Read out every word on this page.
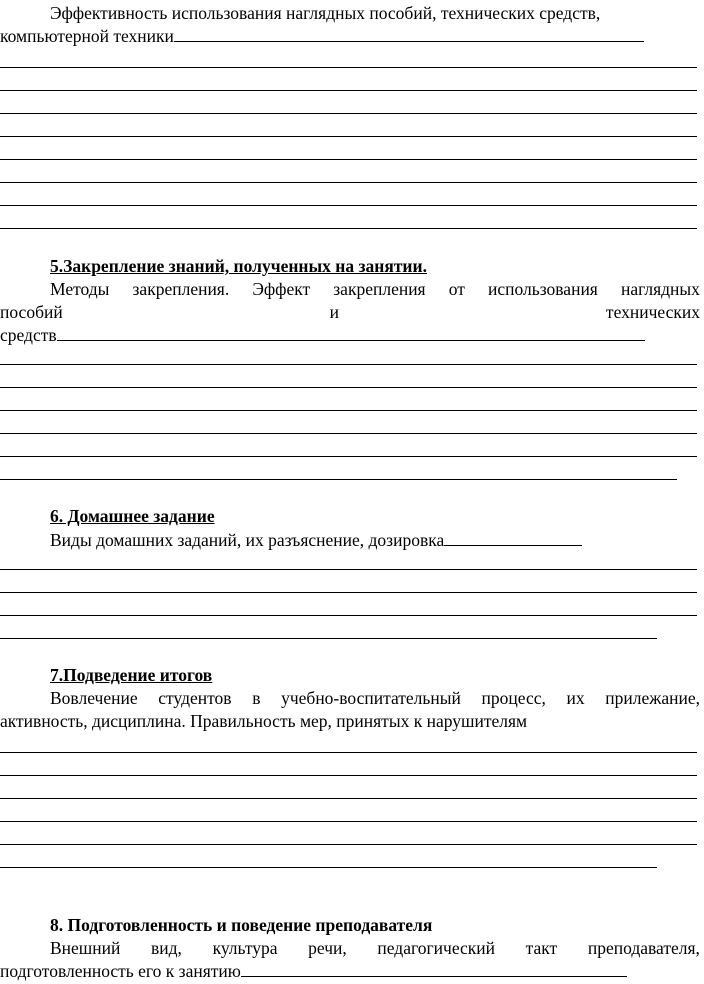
Эффективность использования наглядных пособий, технических средств,
компьютерной техники
5.Закрепление знаний, полученных на занятии.
Методы закрепления. Эффект закрепления от использования наглядных
пособий	и	технических
средств
6. Домашнее задание
Виды домашних заданий, их разъяснение, дозировка
7.Подведение итогов
Вовлечение студентов в учебно-воспитательный процесс, их прилежание,
активность, дисциплина. Правильность мер, принятых к нарушителям
8. Подготовленность и поведение преподавателя
Внешний вид, культура речи, педагогический такт преподавателя,
подготовленность его к занятию
